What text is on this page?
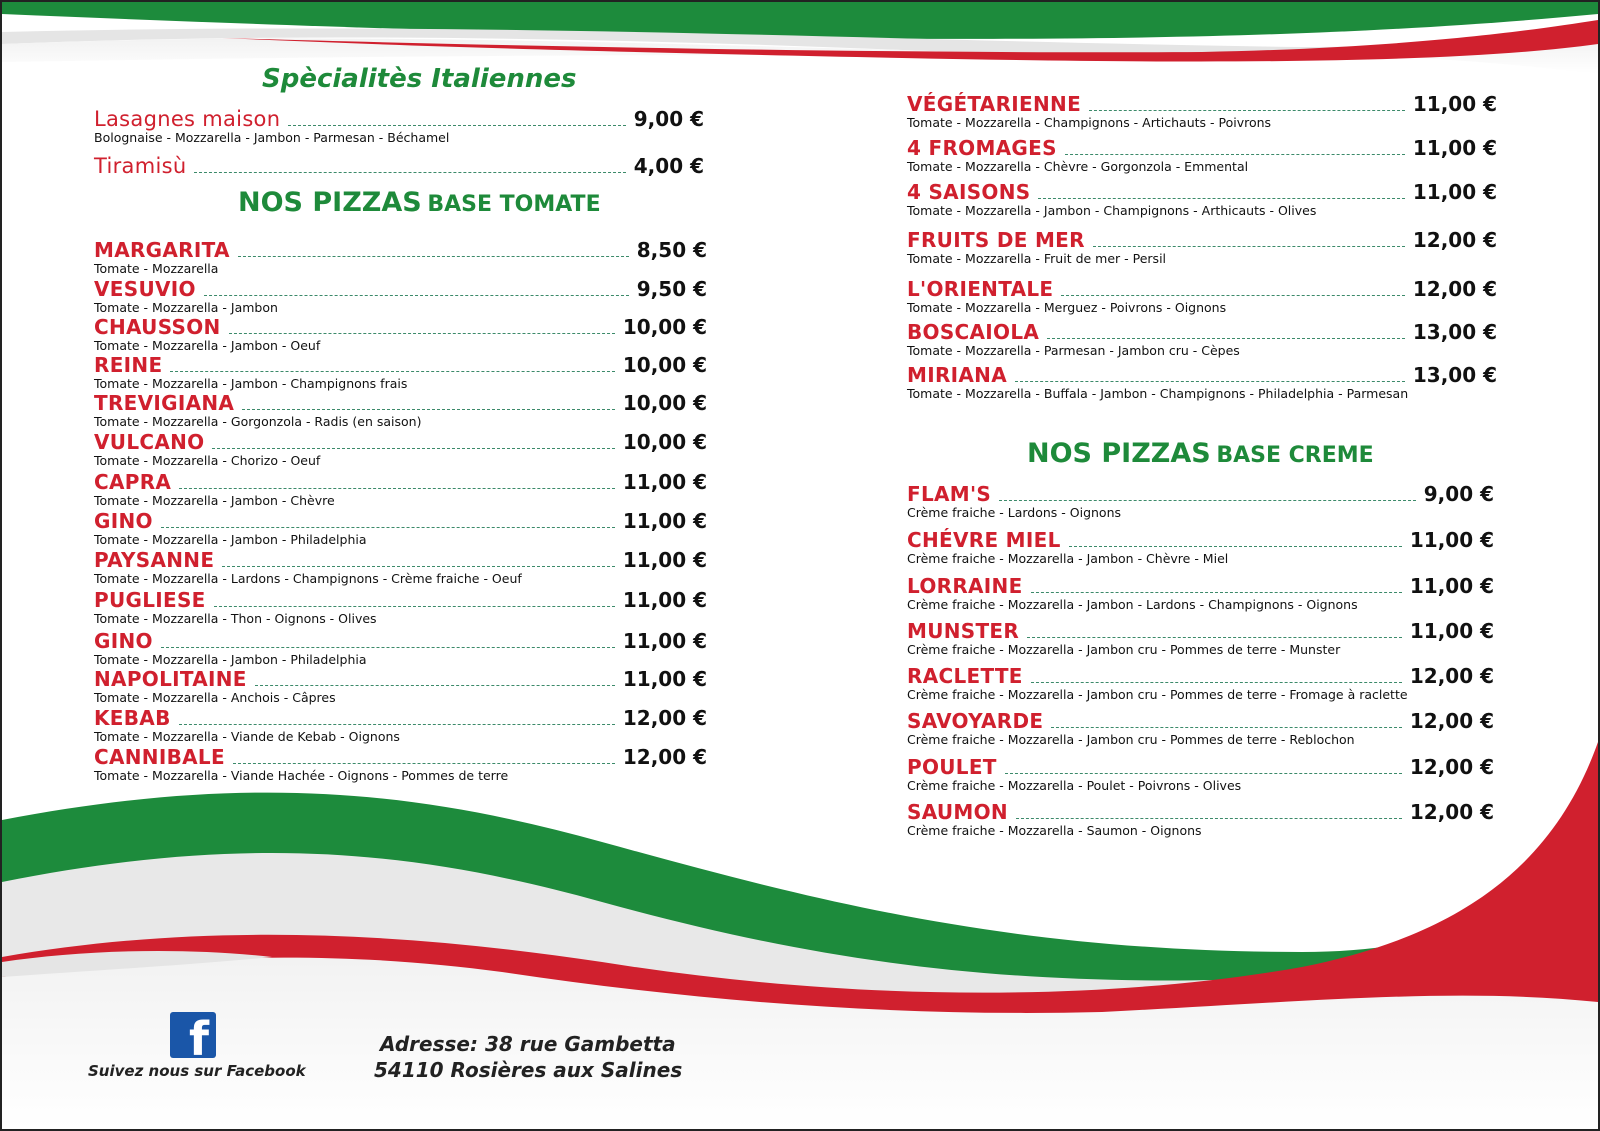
Spècialitès Italiennes
Lasagnes maison	9,00 €
Bolognaise - Mozzarella - Jambon - Parmesan - Béchamel
Tiramisù	4,00 €
NOS PIZZAS BASE TOMATE
MARGARITA	8,50 €
Tomate - Mozzarella
VESUVIO	9,50 €
Tomate - Mozzarella - Jambon
CHAUSSON	10,00 €
Tomate - Mozzarella - Jambon - Oeuf
REINE	10,00 €
Tomate - Mozzarella - Jambon - Champignons frais
TREVIGIANA	10,00 €
Tomate - Mozzarella - Gorgonzola - Radis (en saison)
VULCANO	10,00 €
Tomate - Mozzarella - Chorizo - Oeuf
CAPRA	11,00 €
Tomate - Mozzarella - Jambon - Chèvre
GINO	11,00 €
Tomate - Mozzarella - Jambon - Philadelphia
PAYSANNE	11,00 €
Tomate - Mozzarella - Lardons - Champignons - Crème fraiche - Oeuf
PUGLIESE	11,00 €
Tomate - Mozzarella - Thon - Oignons - Olives
GINO	11,00 €
Tomate - Mozzarella - Jambon - Philadelphia
NAPOLITAINE	11,00 €
Tomate - Mozzarella - Anchois - Câpres
KEBAB	12,00 €
Tomate - Mozzarella - Viande de Kebab - Oignons
CANNIBALE	12,00 €
Tomate - Mozzarella - Viande Hachée - Oignons - Pommes de terre
VÉGÉTARIENNE	11,00 €
Tomate - Mozzarella - Champignons - Artichauts - Poivrons
4 FROMAGES	11,00 €
Tomate - Mozzarella - Chèvre - Gorgonzola - Emmental
4 SAISONS	11,00 €
Tomate - Mozzarella - Jambon - Champignons - Arthicauts - Olives
FRUITS DE MER	12,00 €
Tomate - Mozzarella - Fruit de mer - Persil
L'ORIENTALE	12,00 €
Tomate - Mozzarella - Merguez - Poivrons - Oignons
BOSCAIOLA	13,00 €
Tomate - Mozzarella - Parmesan - Jambon cru - Cèpes
MIRIANA	13,00 €
Tomate - Mozzarella - Buffala - Jambon - Champignons - Philadelphia - Parmesan
NOS PIZZAS BASE CREME
FLAM'S	9,00 €
Crème fraiche - Lardons - Oignons
CHÉVRE MIEL	11,00 €
Crème fraiche - Mozzarella - Jambon - Chèvre - Miel
LORRAINE	11,00 €
Crème fraiche - Mozzarella - Jambon - Lardons - Champignons - Oignons
MUNSTER	11,00 €
Crème fraiche - Mozzarella - Jambon cru - Pommes de terre - Munster
RACLETTE	12,00 €
Crème fraiche - Mozzarella - Jambon cru - Pommes de terre - Fromage à raclette
SAVOYARDE	12,00 €
Crème fraiche - Mozzarella - Jambon cru - Pommes de terre - Reblochon
POULET	12,00 €
Crème fraiche - Mozzarella - Poulet - Poivrons - Olives
SAUMON	12,00 €
Crème fraiche - Mozzarella - Saumon - Oignons
f
Suivez nous sur Facebook
Adresse: 38 rue Gambetta
54110 Rosières aux Salines
